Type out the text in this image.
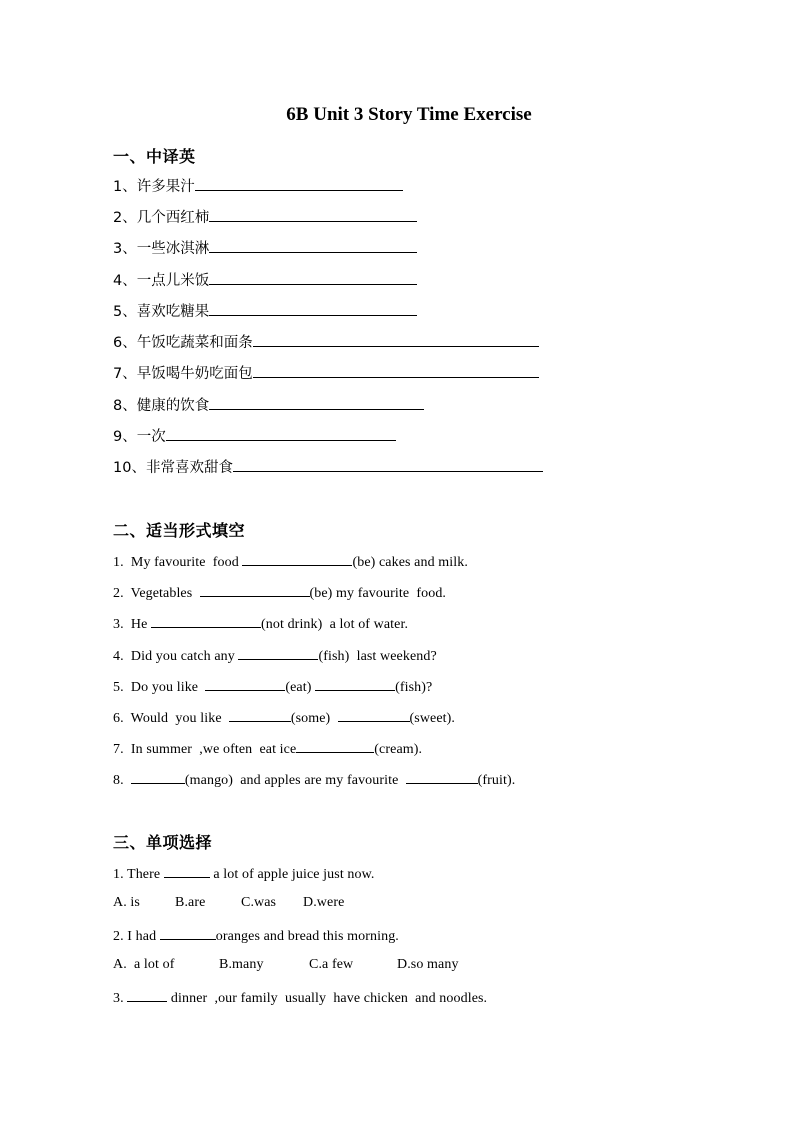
6B Unit 3 Story Time Exercise
一、中译英
1、许多果汁
2、几个西红柿
3、一些冰淇淋
4、一点儿米饭
5、喜欢吃糖果
6、午饭吃蔬菜和面条
7、早饭喝牛奶吃面包
8、健康的饮食
9、一次
10、非常喜欢甜食
二、适当形式填空
1. My favourite  food	(be) cakes and milk.
2. Vegetables	(be) my favourite  food.
3. He	(not drink)  a lot of water.
4. Did you catch any	(fish)  last weekend?
5. Do you like	(eat)	(fish)?
6. Would  you like	(some)	(sweet).
7. In summer  ,we often  eat ice	(cream).
8.	(mango)  and apples are my favourite	(fruit).
三、单项选择
1. There	a lot of apple juice just now.
A. is	B.are	C.was D.were
2. I had	oranges and bread this morning.
A.  a lot of	B.many	C.a few	D.so many
3.	dinner  ,our family  usually  have chicken  and noodles.
